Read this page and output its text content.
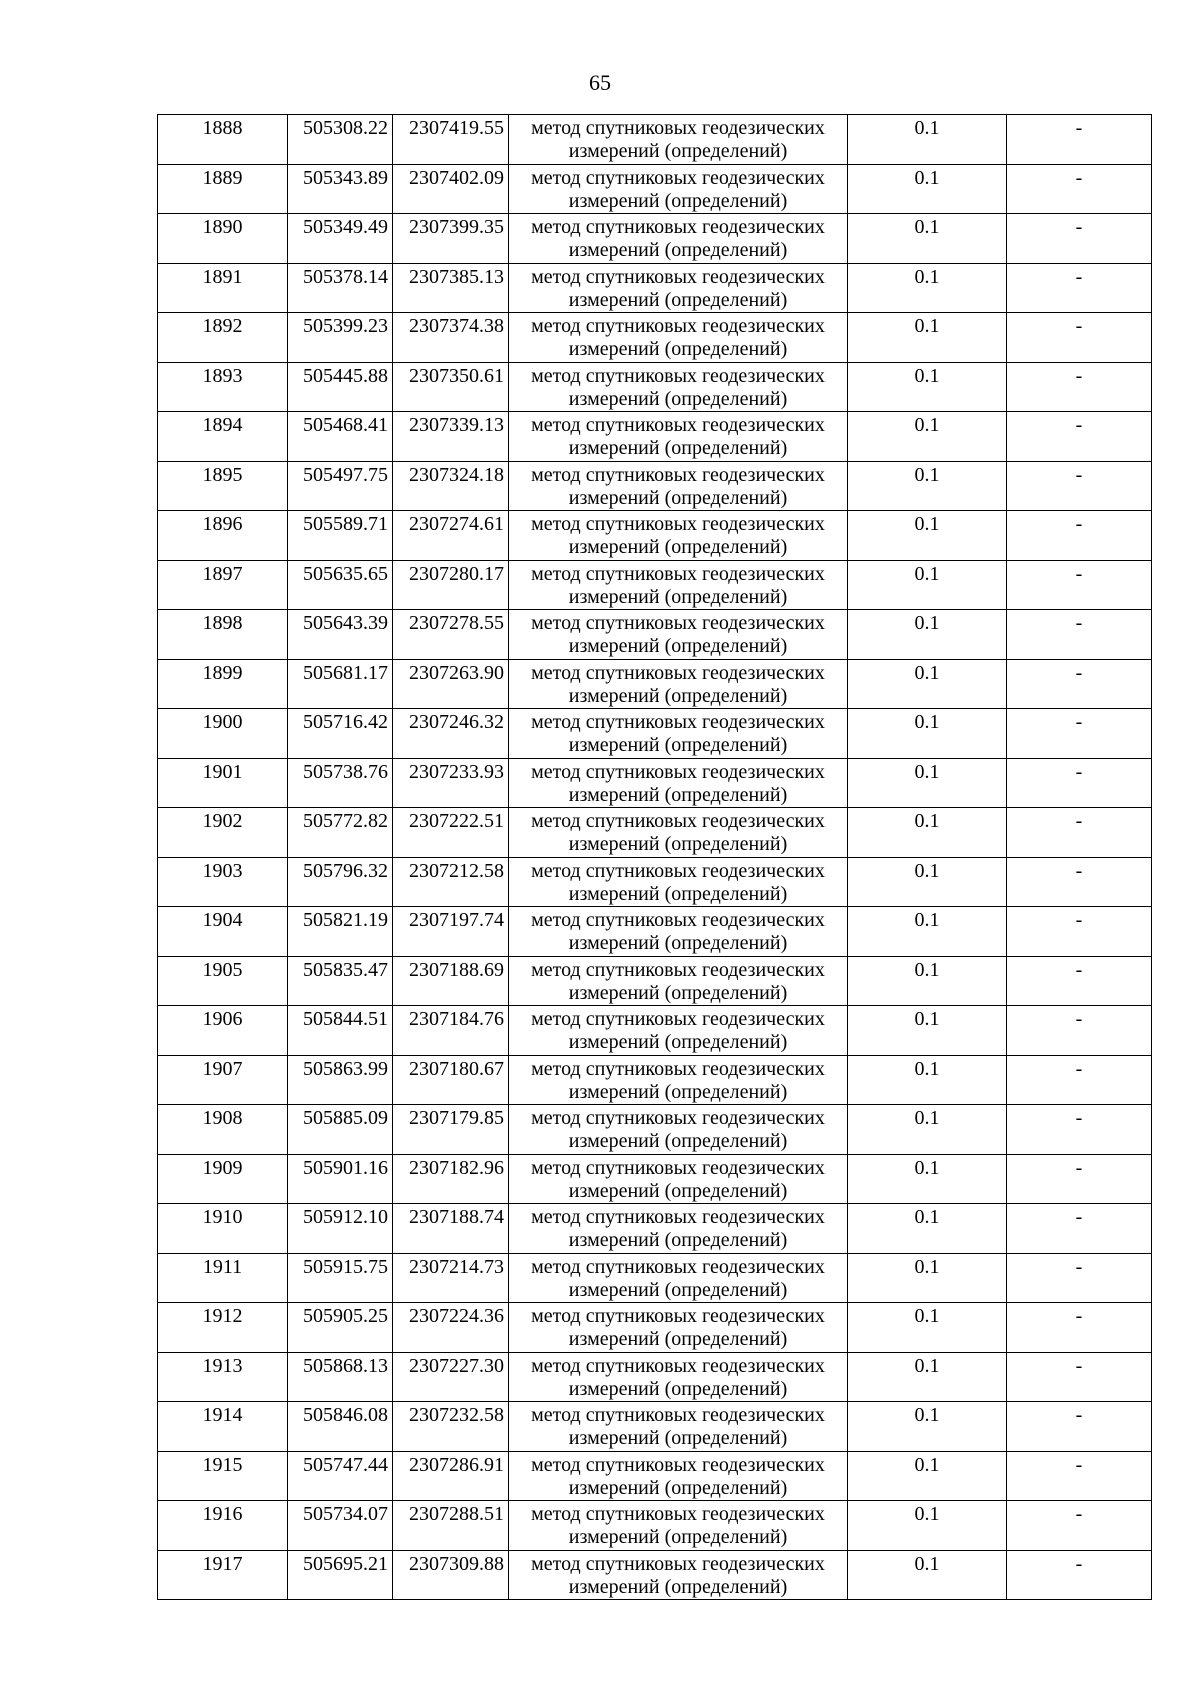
65
1888	505308.22	2307419.55	метод спутниковых геодезических измерений (определений)	0.1	-

1889	505343.89	2307402.09	метод спутниковых геодезических измерений (определений)	0.1	-

1890	505349.49	2307399.35	метод спутниковых геодезических измерений (определений)	0.1	-

1891	505378.14	2307385.13	метод спутниковых геодезических измерений (определений)	0.1	-

1892	505399.23	2307374.38	метод спутниковых геодезических измерений (определений)	0.1	-

1893	505445.88	2307350.61	метод спутниковых геодезических измерений (определений)	0.1	-

1894	505468.41	2307339.13	метод спутниковых геодезических измерений (определений)	0.1	-

1895	505497.75	2307324.18	метод спутниковых геодезических измерений (определений)	0.1	-

1896	505589.71	2307274.61	метод спутниковых геодезических измерений (определений)	0.1	-

1897	505635.65	2307280.17	метод спутниковых геодезических измерений (определений)	0.1	-

1898	505643.39	2307278.55	метод спутниковых геодезических измерений (определений)	0.1	-

1899	505681.17	2307263.90	метод спутниковых геодезических измерений (определений)	0.1	-

1900	505716.42	2307246.32	метод спутниковых геодезических измерений (определений)	0.1	-

1901	505738.76	2307233.93	метод спутниковых геодезических измерений (определений)	0.1	-

1902	505772.82	2307222.51	метод спутниковых геодезических измерений (определений)	0.1	-

1903	505796.32	2307212.58	метод спутниковых геодезических измерений (определений)	0.1	-

1904	505821.19	2307197.74	метод спутниковых геодезических измерений (определений)	0.1	-

1905	505835.47	2307188.69	метод спутниковых геодезических измерений (определений)	0.1	-

1906	505844.51	2307184.76	метод спутниковых геодезических измерений (определений)	0.1	-

1907	505863.99	2307180.67	метод спутниковых геодезических измерений (определений)	0.1	-

1908	505885.09	2307179.85	метод спутниковых геодезических измерений (определений)	0.1	-

1909	505901.16	2307182.96	метод спутниковых геодезических измерений (определений)	0.1	-

1910	505912.10	2307188.74	метод спутниковых геодезических измерений (определений)	0.1	-

1911	505915.75	2307214.73	метод спутниковых геодезических измерений (определений)	0.1	-

1912	505905.25	2307224.36	метод спутниковых геодезических измерений (определений)	0.1	-

1913	505868.13	2307227.30	метод спутниковых геодезических измерений (определений)	0.1	-

1914	505846.08	2307232.58	метод спутниковых геодезических измерений (определений)	0.1	-

1915	505747.44	2307286.91	метод спутниковых геодезических измерений (определений)	0.1	-

1916	505734.07	2307288.51	метод спутниковых геодезических измерений (определений)	0.1	-

1917	505695.21	2307309.88	метод спутниковых геодезических измерений (определений)	0.1	-
